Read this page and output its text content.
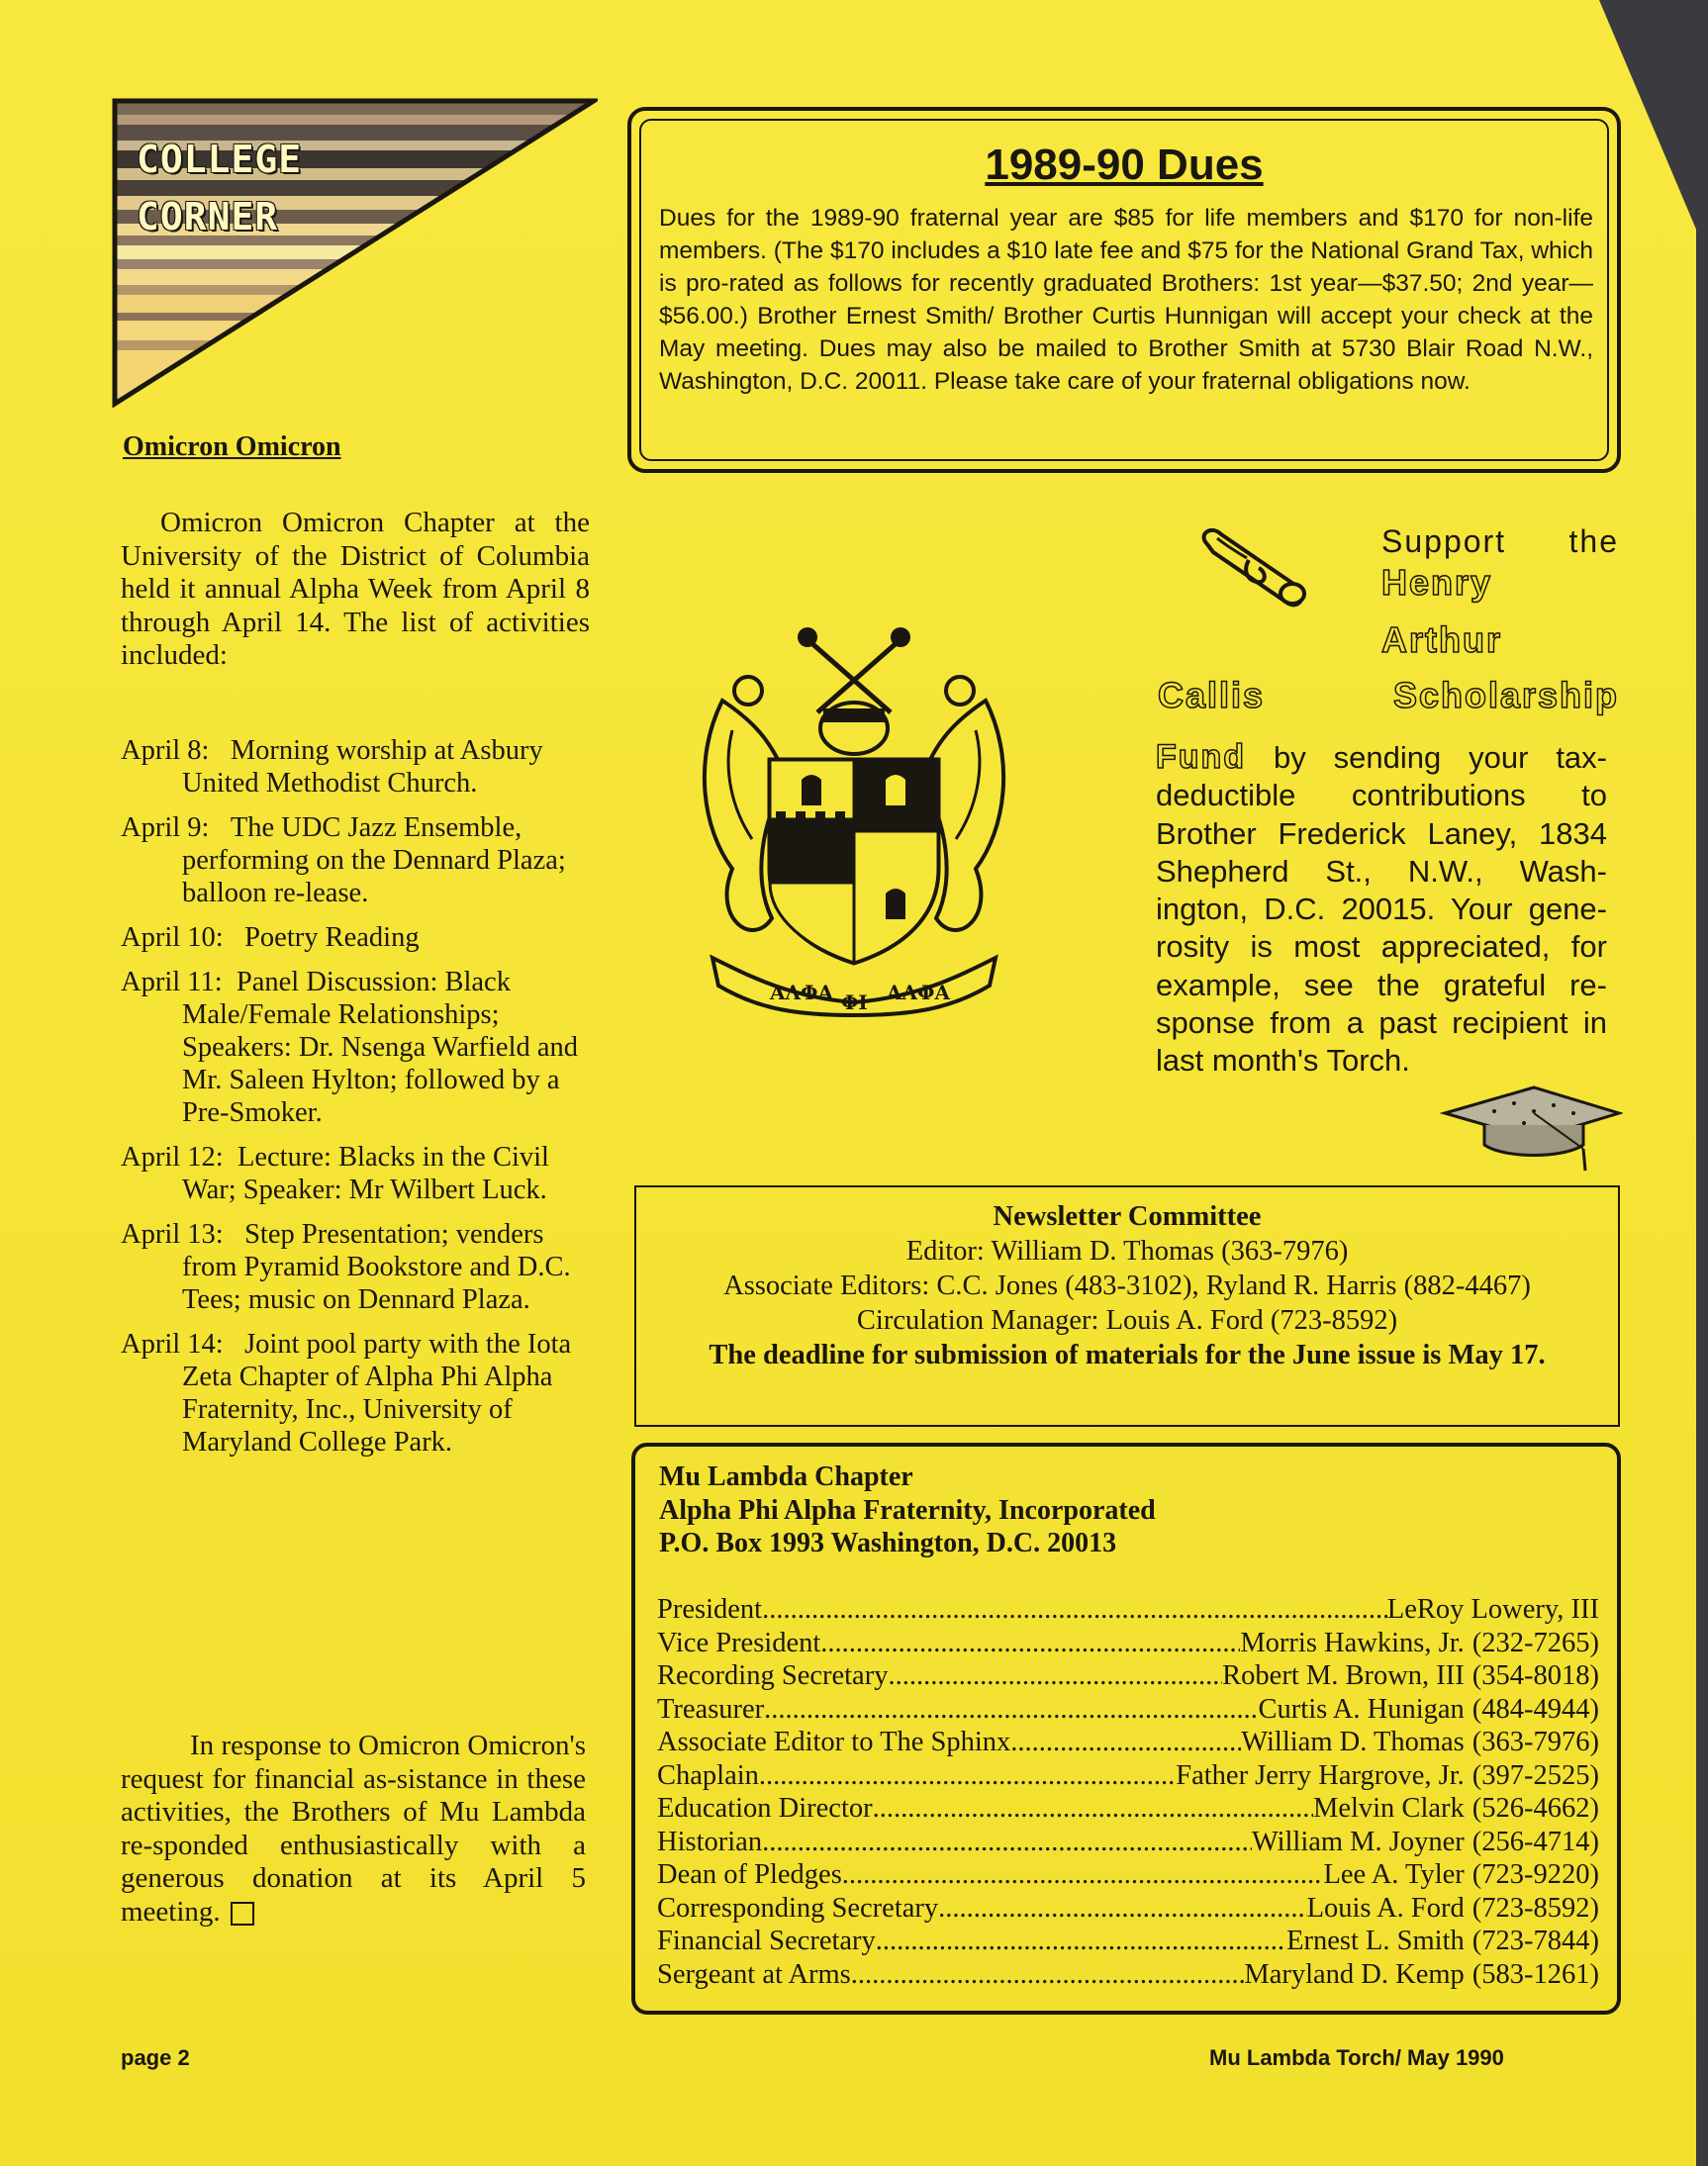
COLLEGE
CORNER
Omicron Omicron
Omicron Omicron Chapter at the University of the District of Columbia held it annual Alpha Week from April 8 through April 14. The list of activities included:
April 8: Morning worship at Asbury United Methodist Church.
April 9: The UDC Jazz Ensemble, performing on the Dennard Plaza; balloon re-lease.
April 10: Poetry Reading
April 11: Panel Discussion: Black Male/Female Relationships; Speakers: Dr. Nsenga Warfield and Mr. Saleen Hylton; followed by a Pre-Smoker.
April 12: Lecture: Blacks in the Civil War; Speaker: Mr Wilbert Luck.
April 13: Step Presentation; venders from Pyramid Bookstore and D.C. Tees; music on Dennard Plaza.
April 14: Joint pool party with the Iota Zeta Chapter of Alpha Phi Alpha Fraternity, Inc., University of Maryland College Park.
In response to Omicron Omicron's request for financial as-sistance in these activities, the Brothers of Mu Lambda re-sponded enthusiastically with a generous donation at its April 5 meeting.
1989-90 Dues
Dues for the 1989-90 fraternal year are $85 for life members and $170 for non-life members. (The $170 includes a $10 late fee and $75 for the National Grand Tax, which is pro-rated as follows for recently graduated Brothers: 1st year—$37.50; 2nd year—$56.00.) Brother Ernest Smith/ Brother Curtis Hunnigan will accept your check at the May meeting. Dues may also be mailed to Brother Smith at 5730 Blair Road N.W., Washington, D.C. 20011. Please take care of your fraternal obligations now.
ΑΛΦΑ ΦΙ ΑΛΦΑ
Support the
Henry
Arthur
Callis Scholarship
Fund by sending your tax-deductible contributions to Brother Frederick Laney, 1834 Shepherd St., N.W., Wash-ington, D.C. 20015. Your gene-rosity is most appreciated, for example, see the grateful re-sponse from a past recipient in last month's Torch.
Newsletter Committee
Editor: William D. Thomas (363-7976)
Associate Editors: C.C. Jones (483-3102), Ryland R. Harris (882-4467)
Circulation Manager: Louis A. Ford (723-8592)
The deadline for submission of materials for the June issue is May 17.
Mu Lambda Chapter
Alpha Phi Alpha Fraternity, Incorporated
P.O. Box 1993 Washington, D.C. 20013
President .....	LeRoy Lowery, III
Vice President .....	Morris Hawkins, Jr. (232-7265)
Recording Secretary .....	Robert M. Brown, III (354-8018)
Treasurer .....	Curtis A. Hunigan (484-4944)
Associate Editor to The Sphinx .....	William D. Thomas (363-7976)
Chaplain .....	Father Jerry Hargrove, Jr. (397-2525)
Education Director .....	Melvin Clark (526-4662)
Historian .....	William M. Joyner (256-4714)
Dean of Pledges .....	Lee A. Tyler (723-9220)
Corresponding Secretary .....	Louis A. Ford (723-8592)
Financial Secretary .....	Ernest L. Smith (723-7844)
Sergeant at Arms .....	Maryland D. Kemp (583-1261)
page 2	Mu Lambda Torch/ May 1990
